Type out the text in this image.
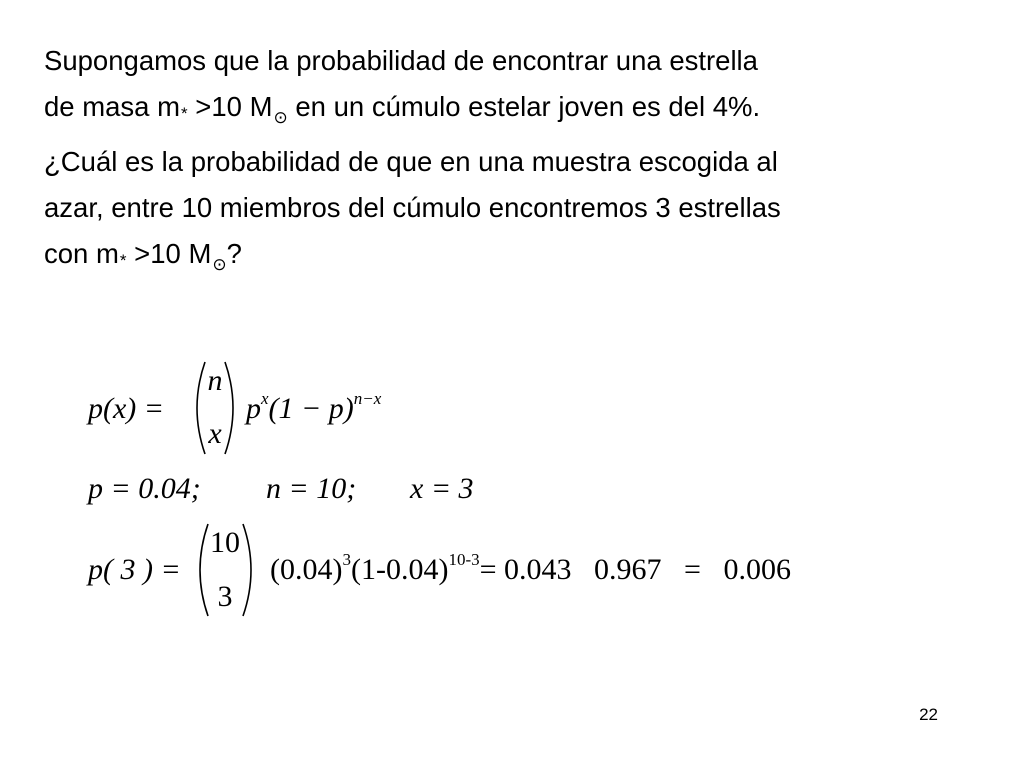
Supongamos que la probabilidad de encontrar una estrella
de masa m* >10 $M_⊙$ en un cúmulo estelar joven es del 4%.

¿Cuál es la probabilidad de que en una muestra escogida al
azar, entre 10 miembros del cúmulo encontremos 3 estrellas
con m* >10 $M_⊙$?

p(x) =
n
x
$p^x(1 - p)^{n-x}$
p = 0.04; n = 10; x = 3
p( 3 ) =
10
3
$(0.04)^3(1-0.04)^{10-3}= 0.043$   0.967   =   0.006
22
